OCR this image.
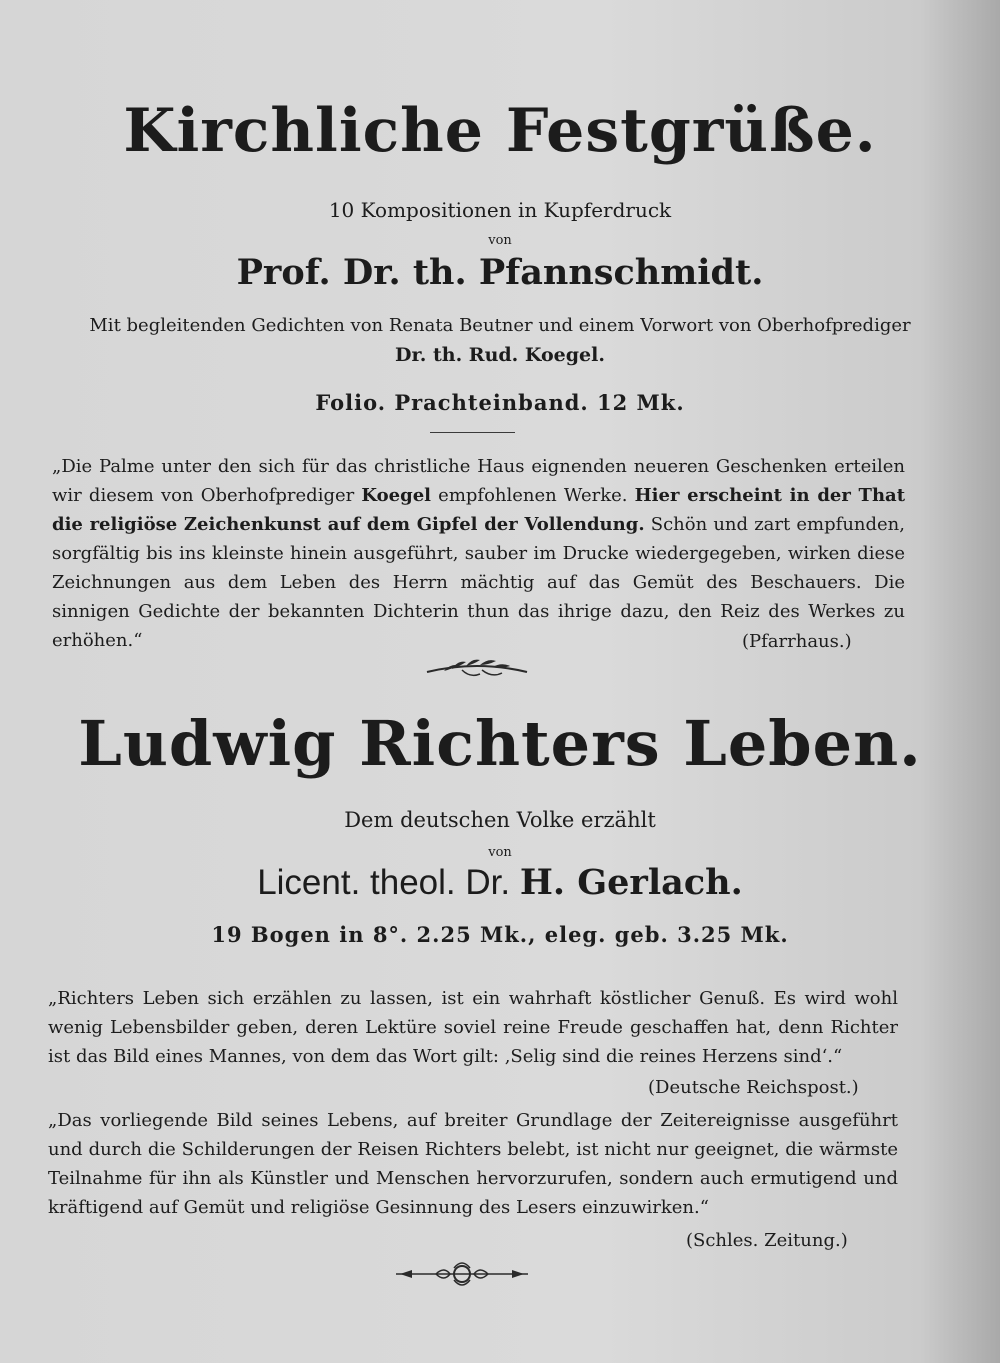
Kirchliche Festgrüße.
10 Kompositionen in Kupferdruck
von
Prof. Dr. th. Pfannschmidt.
Mit begleitenden Gedichten von Renata Beutner und einem Vorwort von Oberhofprediger
Dr. th. Rud. Koegel.
Folio. Prachteinband. 12 Mk.
„Die Palme unter den sich für das christliche Haus eignenden neueren Geschenken erteilen wir diesem von Oberhofprediger Koegel empfohlenen Werke. Hier erscheint in der That die religiöse Zeichenkunst auf dem Gipfel der Vollendung. Schön und zart empfunden, sorgfältig bis ins kleinste hinein ausgeführt, sauber im Drucke wiedergegeben, wirken diese Zeichnungen aus dem Leben des Herrn mächtig auf das Gemüt des Beschauers. Die sinnigen Gedichte der bekannten Dichterin thun das ihrige dazu, den Reiz des Werkes zu erhöhen.“	(Pfarrhaus.)
Ludwig Richters Leben.
Dem deutschen Volke erzählt
von
Licent. theol. Dr. H. Gerlach.
19 Bogen in 8°. 2.25 Mk., eleg. geb. 3.25 Mk.
„Richters Leben sich erzählen zu lassen, ist ein wahrhaft köstlicher Genuß. Es wird wohl wenig Lebensbilder geben, deren Lektüre soviel reine Freude geschaffen hat, denn Richter ist das Bild eines Mannes, von dem das Wort gilt: ‚Selig sind die reines Herzens sind‘.“
(Deutsche Reichspost.)
„Das vorliegende Bild seines Lebens, auf breiter Grundlage der Zeitereignisse ausgeführt und durch die Schilderungen der Reisen Richters belebt, ist nicht nur geeignet, die wärmste Teilnahme für ihn als Künstler und Menschen hervorzurufen, sondern auch ermutigend und kräftigend auf Gemüt und religiöse Gesinnung des Lesers einzuwirken.“
(Schles. Zeitung.)
